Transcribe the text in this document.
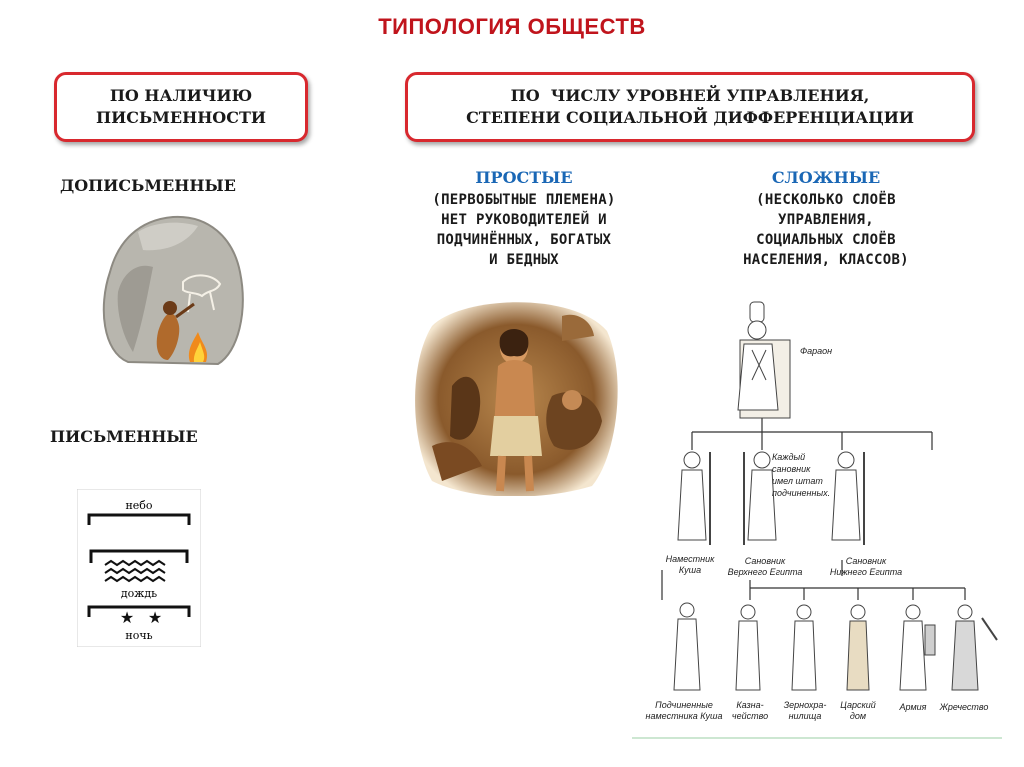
ТИПОЛОГИЯ ОБЩЕСТВ
ПО НАЛИЧИЮ
ПИСЬМЕННОСТИ
ПО  ЧИСЛУ УРОВНЕЙ УПРАВЛЕНИЯ,
СТЕПЕНИ СОЦИАЛЬНОЙ ДИФФЕРЕНЦИАЦИИ
ДОПИСЬМЕННЫЕ
ПИСЬМЕННЫЕ
небо
дождь
★ ★
ночь
ПРОСТЫЕ
(ПЕРВОБЫТНЫЕ ПЛЕМЕНА)
НЕТ РУКОВОДИТЕЛЕЙ И
ПОДЧИНЁННЫХ, БОГАТЫХ
И БЕДНЫХ
СЛОЖНЫЕ
(НЕСКОЛЬКО СЛОЁВ
УПРАВЛЕНИЯ,
СОЦИАЛЬНЫХ СЛОЁВ
НАСЕЛЕНИЯ, КЛАССОВ)
Фараон
Каждый
сановник
имел штат
подчиненных.
Наместник
Куша
Сановник
Верхнего Египта
Сановник
Нижнего Египта
Подчиненные
наместника Куша
Казна-
чейство
Зернохра-
нилища
Царский
дом
Армия Жречество
